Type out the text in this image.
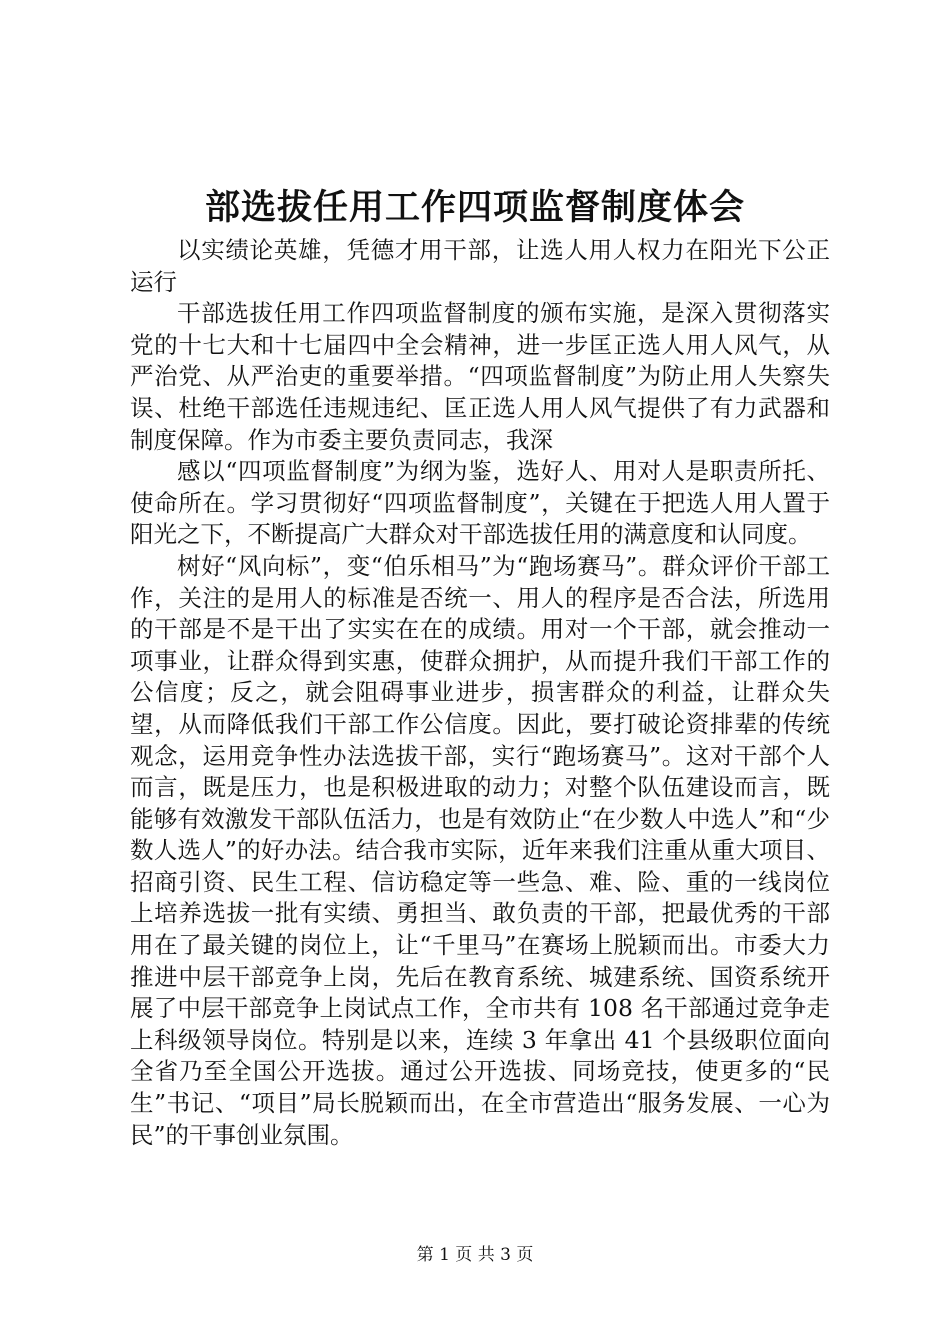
部选拔任用工作四项监督制度体会

以实绩论英雄，凭德才用干部，让选人用人权力在阳光下公正运行

干部选拔任用工作四项监督制度的颁布实施，是深入贯彻落实党的十七大和十七届四中全会精神，进一步匡正选人用人风气，从严治党、从严治吏的重要举措。“四项监督制度”为防止用人失察失误、杜绝干部选任违规违纪、匡正选人用人风气提供了有力武器和制度保障。作为市委主要负责同志，我深

感以“四项监督制度”为纲为鉴，选好人、用对人是职责所托、使命所在。学习贯彻好“四项监督制度”，关键在于把选人用人置于阳光之下，不断提高广大群众对干部选拔任用的满意度和认同度。

树好“风向标”，变“伯乐相马”为“跑场赛马”。群众评价干部工作，关注的是用人的标准是否统一、用人的程序是否合法，所选用的干部是不是干出了实实在在的成绩。用对一个干部，就会推动一项事业，让群众得到实惠，使群众拥护，从而提升我们干部工作的公信度；反之，就会阻碍事业进步，损害群众的利益，让群众失望，从而降低我们干部工作公信度。因此，要打破论资排辈的传统观念，运用竞争性办法选拔干部，实行“跑场赛马”。这对干部个人而言，既是压力，也是积极进取的动力；对整个队伍建设而言，既能够有效激发干部队伍活力，也是有效防止“在少数人中选人”和“少数人选人”的好办法。结合我市实际，近年来我们注重从重大项目、招商引资、民生工程、信访稳定等一些急、难、险、重的一线岗位上培养选拔一批有实绩、勇担当、敢负责的干部，把最优秀的干部用在了最关键的岗位上，让“千里马”在赛场上脱颖而出。市委大力推进中层干部竞争上岗，先后在教育系统、城建系统、国资系统开展了中层干部竞争上岗试点工作，全市共有 108 名干部通过竞争走上科级领导岗位。特别是以来，连续 3 年拿出 41 个县级职位面向全省乃至全国公开选拔。通过公开选拔、同场竞技，使更多的“民生”书记、“项目”局长脱颖而出，在全市营造出“服务发展、一心为民”的干事创业氛围。

第 1 页 共 3 页
